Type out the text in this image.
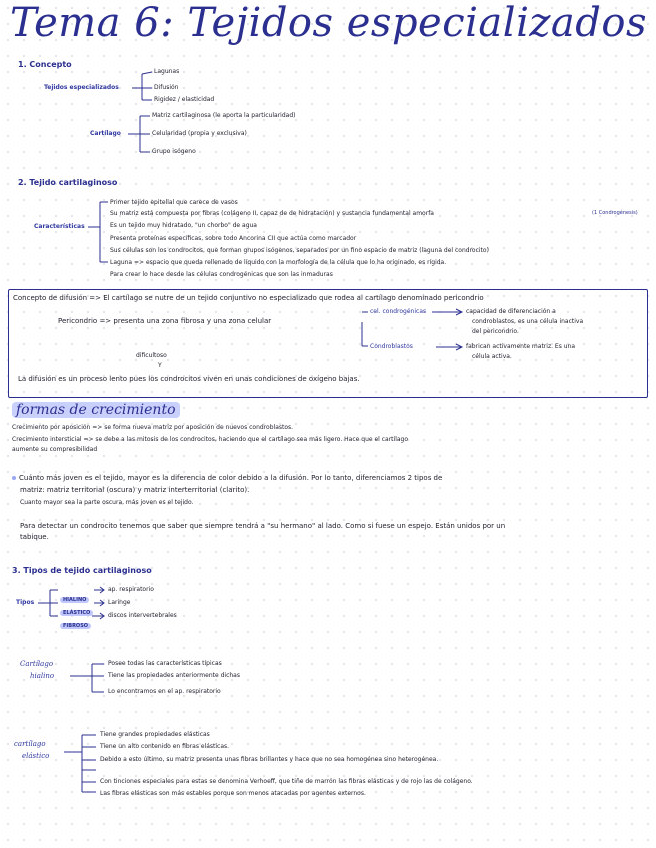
Tema 6: Tejidos especializados
1. Concepto
Tejidos especializados
Lagunas
Difusión
Rigidez / elasticidad
Cartílago
Matriz cartilaginosa (le aporta la particularidad)
Celularidad (propia y exclusiva)
Grupo isógeno
2. Tejido cartilaginoso
Características
Primer tejido epitelial que carece de vasos
Su matriz está compuesta por fibras (colágeno II, capaz de de hidratación) y sustancia fundamental amorfa	(1 Condrogénesis)
Es un tejido muy hidratado, "un chorbo" de agua
Presenta proteínas específicas, sobre todo Ancorina CII que actúa como marcador
Sus células son los condrocitos, que forman grupos isógenos, separados por un fino espacio de matriz (laguna del condrocito)
Laguna => espacio que queda rellenado de líquido con la morfología de la célula que lo ha originado, es rígida.
Para crear lo hace desde las células condrogénicas que son las inmaduras
Concepto de difusión => El cartílago se nutre de un tejido conjuntivo no especializado que rodea al cartílago denominado pericondrio
Pericondrio => presenta una zona fibrosa y una zona celular
cel. condrogénicas	capacidad de diferenciación a
condroblastos, es una célula inactiva
del pericondrio.
Condroblastos	fabrican activamente matriz. Es una
célula activa.
dificultoso
Y
La difusión es un proceso lento pues los condrocitos viven en unas condiciones de oxígeno bajas.
formas de crecimiento
Crecimiento por aposición => se forma nueva matriz por aposición de nuevos condroblastos.
Crecimiento intersticial => se debe a las mitosis de los condrocitos, haciendo que el cartílago sea más ligero. Hace que el cartílago
aumente su compresibilidad
Cuánto más joven es el tejido, mayor es la diferencia de color debido a la difusión. Por lo tanto, diferenciamos 2 tipos de
matriz: matriz territorial (oscura) y matriz interterritorial (clarito).
Cuanto mayor sea la parte oscura, más joven es el tejido.
Para detectar un condrocito tenemos que saber que siempre tendrá a "su hermano" al lado. Como si fuese un espejo. Están unidos por un
tabique.
3. Tipos de tejido cartilaginoso
Tipos	HIALINO
ap. respiratorio
ELÁSTICO
Laringe
FIBROSO
discos intervertebrales
Cartílago
hialino
Posee todas las características típicas
Tiene las propiedades anteriormente dichas
Lo encontramos en el ap. respiratorio
cartílago
elástico
Tiene grandes propiedades elásticas
Tiene un alto contenido en fibras elásticas.
Debido a esto último, su matriz presenta unas fibras brillantes y hace que no sea homogénea sino heterogénea.
Con tinciones especiales para estas se denomina Verhoeff, que tiñe de marrón las fibras elásticas y de rojo las de colágeno.
Las fibras elásticas son más estables porque son menos atacadas por agentes externos.
